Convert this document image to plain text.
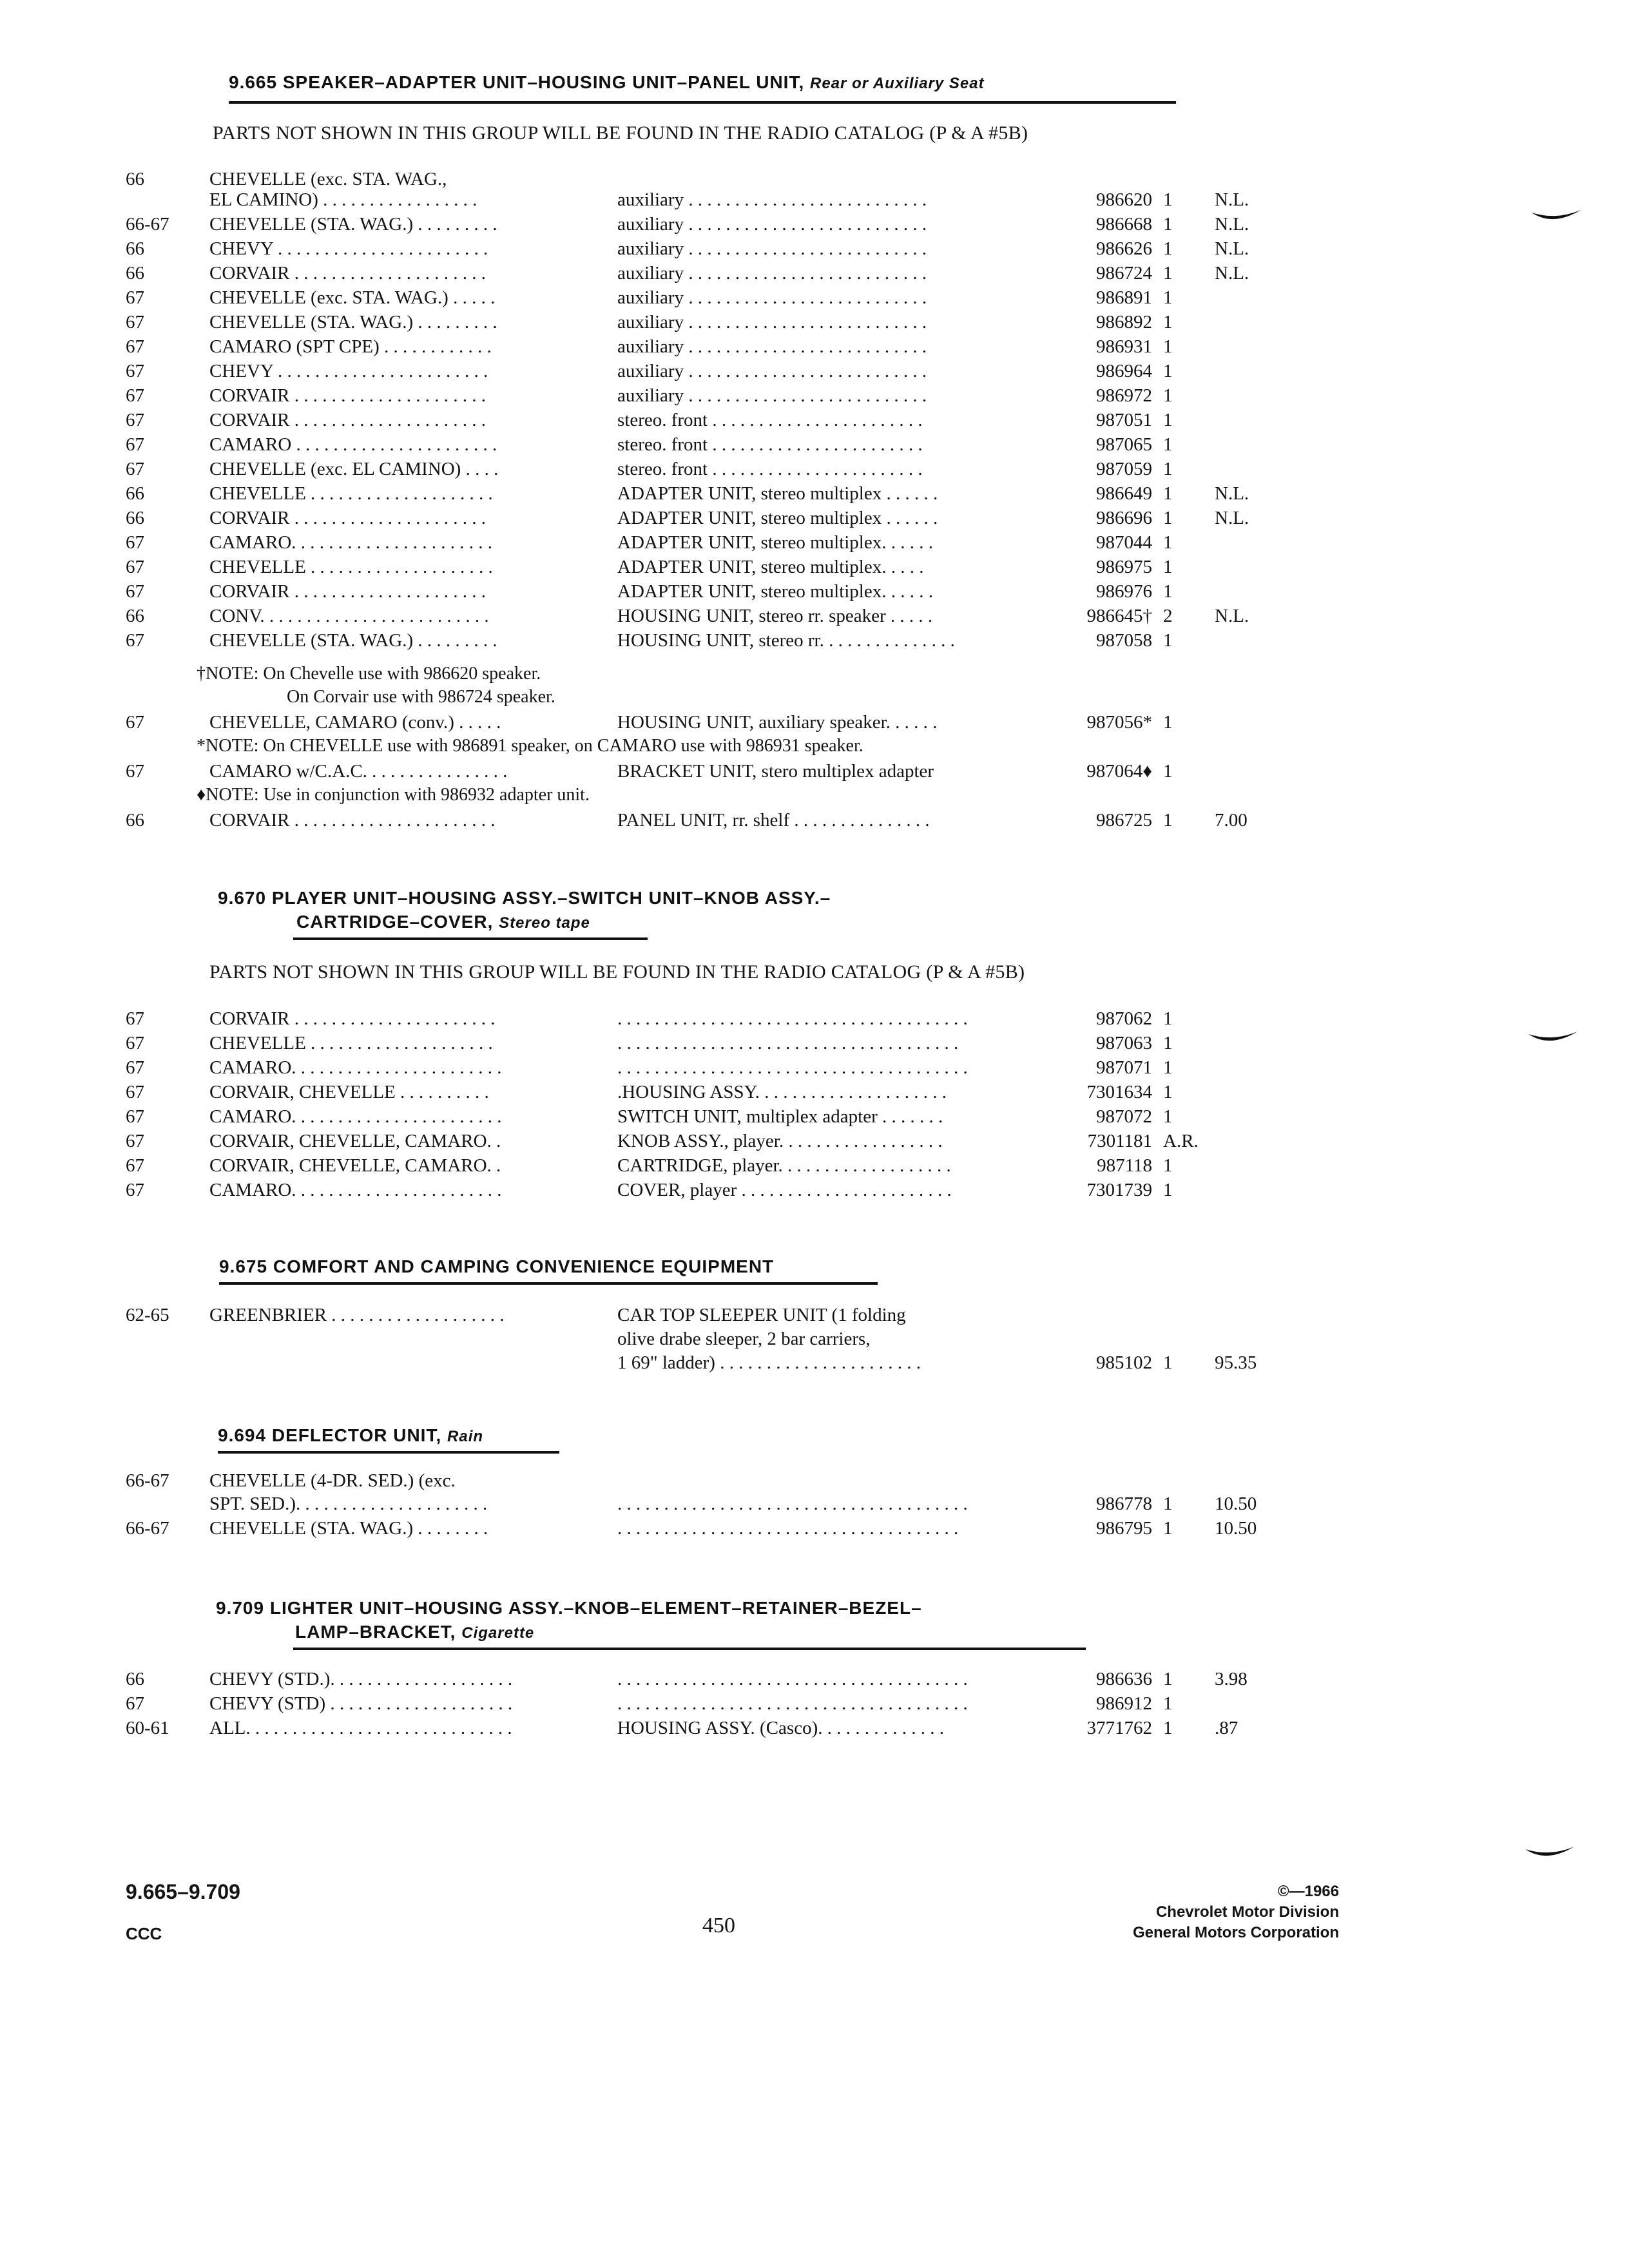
9.665 SPEAKER–ADAPTER UNIT–HOUSING UNIT–PANEL UNIT, Rear or Auxiliary Seat
PARTS NOT SHOWN IN THIS GROUP WILL BE FOUND IN THE RADIO CATALOG (P & A #5B)
66	CHEVELLE (exc. STA. WAG.,
EL CAMINO) . . . . . . . . . . . . . . . . .	auxiliary . . . . . . . . . . . . . . . . . . . . . . . . . .	986620 1 N.L.
66-67 CHEVELLE (STA. WAG.) . . . . . . . . .	auxiliary . . . . . . . . . . . . . . . . . . . . . . . . . .	986668 1 N.L.
66	CHEVY . . . . . . . . . . . . . . . . . . . . . . .	auxiliary . . . . . . . . . . . . . . . . . . . . . . . . . .	986626 1 N.L.
66	CORVAIR . . . . . . . . . . . . . . . . . . . . .	auxiliary . . . . . . . . . . . . . . . . . . . . . . . . . .	986724 1 N.L.
67	CHEVELLE (exc. STA. WAG.) . . . . .	auxiliary . . . . . . . . . . . . . . . . . . . . . . . . . .	986891 1
67	CHEVELLE (STA. WAG.) . . . . . . . . .	auxiliary . . . . . . . . . . . . . . . . . . . . . . . . . .	986892 1
67	CAMARO (SPT CPE) . . . . . . . . . . . .	auxiliary . . . . . . . . . . . . . . . . . . . . . . . . . .	986931 1
67	CHEVY . . . . . . . . . . . . . . . . . . . . . . .	auxiliary . . . . . . . . . . . . . . . . . . . . . . . . . .	986964 1
67	CORVAIR . . . . . . . . . . . . . . . . . . . . .	auxiliary . . . . . . . . . . . . . . . . . . . . . . . . . .	986972 1
67	CORVAIR . . . . . . . . . . . . . . . . . . . . .	stereo. front . . . . . . . . . . . . . . . . . . . . . . .	987051 1
67	CAMARO . . . . . . . . . . . . . . . . . . . . . .	stereo. front . . . . . . . . . . . . . . . . . . . . . . .	987065 1
67	CHEVELLE (exc. EL CAMINO) . . . .	stereo. front . . . . . . . . . . . . . . . . . . . . . . .	987059 1
66	CHEVELLE . . . . . . . . . . . . . . . . . . . .	ADAPTER UNIT, stereo multiplex . . . . . .	986649 1 N.L.
66	CORVAIR . . . . . . . . . . . . . . . . . . . . .	ADAPTER UNIT, stereo multiplex . . . . . .	986696 1 N.L.
67	CAMARO. . . . . . . . . . . . . . . . . . . . . .	ADAPTER UNIT, stereo multiplex. . . . . .	987044 1
67	CHEVELLE . . . . . . . . . . . . . . . . . . . .	ADAPTER UNIT, stereo multiplex. . . . .	986975 1
67	CORVAIR . . . . . . . . . . . . . . . . . . . . .	ADAPTER UNIT, stereo multiplex. . . . . .	986976 1
66	CONV. . . . . . . . . . . . . . . . . . . . . . . . .	HOUSING UNIT, stereo rr. speaker . . . . .	986645† 2 N.L.
67	CHEVELLE (STA. WAG.) . . . . . . . . .	HOUSING UNIT, stereo rr. . . . . . . . . . . . . . .	987058 1
†NOTE: On Chevelle use with 986620 speaker.
On Corvair use with 986724 speaker.
67	CHEVELLE, CAMARO (conv.) . . . . .	HOUSING UNIT, auxiliary speaker. . . . . .	987056* 1
*NOTE: On CHEVELLE use with 986891 speaker, on CAMARO use with 986931 speaker.
67	CAMARO w/C.A.C. . . . . . . . . . . . . . . .	BRACKET UNIT, stero multiplex adapter	987064♦ 1
♦NOTE: Use in conjunction with 986932 adapter unit.
66	CORVAIR . . . . . . . . . . . . . . . . . . . . . .	PANEL UNIT, rr. shelf . . . . . . . . . . . . . . .	986725 1 7.00
9.670 PLAYER UNIT–HOUSING ASSY.–SWITCH UNIT–KNOB ASSY.–
CARTRIDGE–COVER, Stereo tape
PARTS NOT SHOWN IN THIS GROUP WILL BE FOUND IN THE RADIO CATALOG (P & A #5B)
67	CORVAIR . . . . . . . . . . . . . . . . . . . . . .	. . . . . . . . . . . . . . . . . . . . . . . . . . . . . . . . . . . . . .	987062 1
67	CHEVELLE . . . . . . . . . . . . . . . . . . . .	. . . . . . . . . . . . . . . . . . . . . . . . . . . . . . . . . . . . .	987063 1
67	CAMARO. . . . . . . . . . . . . . . . . . . . . . .	. . . . . . . . . . . . . . . . . . . . . . . . . . . . . . . . . . . . . .	987071 1
67	CORVAIR, CHEVELLE . . . . . . . . . .	.HOUSING ASSY. . . . . . . . . . . . . . . . . . . . .	7301634 1
67	CAMARO. . . . . . . . . . . . . . . . . . . . . . .	SWITCH UNIT, multiplex adapter . . . . . . .	987072 1
67	CORVAIR, CHEVELLE, CAMARO. .	KNOB ASSY., player. . . . . . . . . . . . . . . . . .	7301181 A.R.
67	CORVAIR, CHEVELLE, CAMARO. .	CARTRIDGE, player. . . . . . . . . . . . . . . . . . .	987118 1
67	CAMARO. . . . . . . . . . . . . . . . . . . . . . .	COVER, player . . . . . . . . . . . . . . . . . . . . . . .	7301739 1
9.675 COMFORT AND CAMPING CONVENIENCE EQUIPMENT
62-65 GREENBRIER . . . . . . . . . . . . . . . . . . .	CAR TOP SLEEPER UNIT (1 folding
olive drabe sleeper, 2 bar carriers,
1 69" ladder) . . . . . . . . . . . . . . . . . . . . . .	985102 1 95.35
9.694 DEFLECTOR UNIT, Rain
66-67 CHEVELLE (4-DR. SED.) (exc.
SPT. SED.). . . . . . . . . . . . . . . . . . . . .	. . . . . . . . . . . . . . . . . . . . . . . . . . . . . . . . . . . . . .	986778 1 10.50
66-67 CHEVELLE (STA. WAG.) . . . . . . . .	. . . . . . . . . . . . . . . . . . . . . . . . . . . . . . . . . . . . .	986795 1 10.50
9.709 LIGHTER UNIT–HOUSING ASSY.–KNOB–ELEMENT–RETAINER–BEZEL–
LAMP–BRACKET, Cigarette
66	CHEVY (STD.). . . . . . . . . . . . . . . . . . . .	. . . . . . . . . . . . . . . . . . . . . . . . . . . . . . . . . . . . . .	986636 1 3.98
67	CHEVY (STD) . . . . . . . . . . . . . . . . . . . .	. . . . . . . . . . . . . . . . . . . . . . . . . . . . . . . . . . . . . .	986912 1
60-61 ALL. . . . . . . . . . . . . . . . . . . . . . . . . . . . .	HOUSING ASSY. (Casco). . . . . . . . . . . . . .	3771762 1 .87
9.665–9.709
CCC	450
©—1966
Chevrolet Motor Division
General Motors Corporation
